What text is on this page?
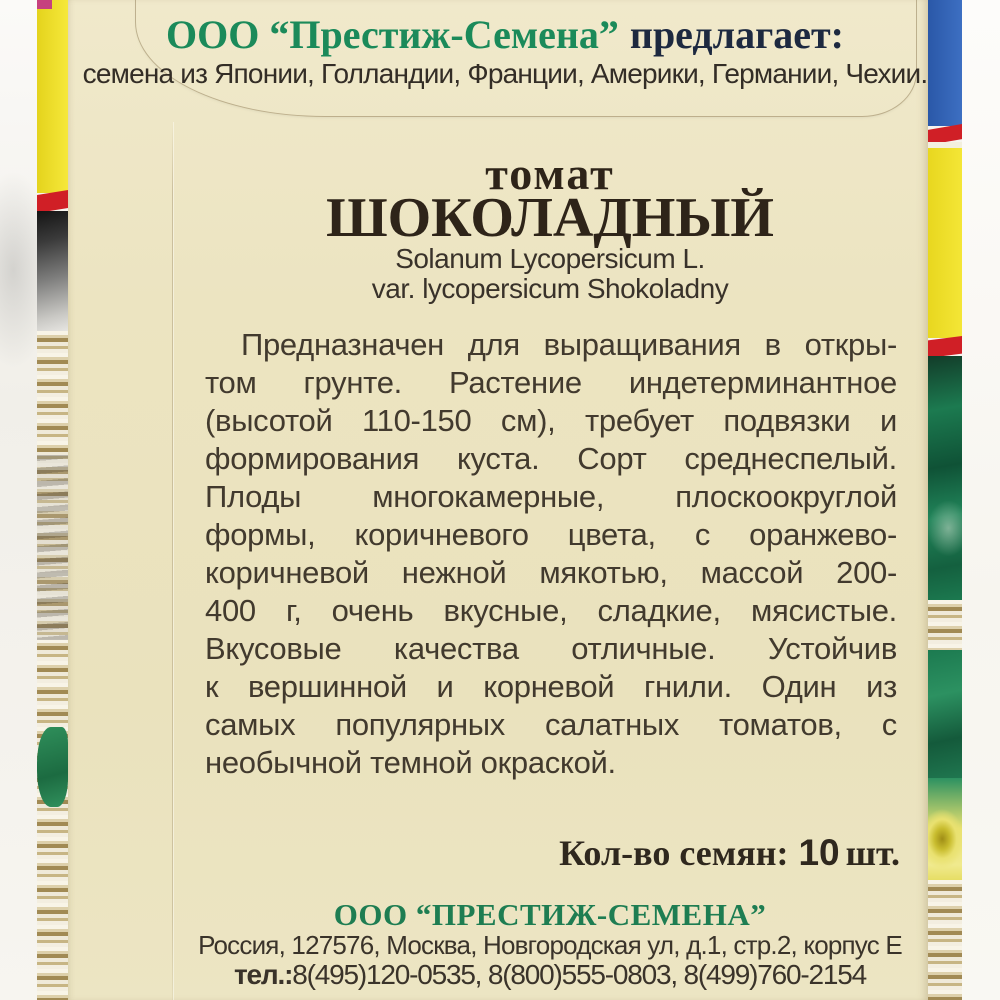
ООО “Престиж-Семена” предлагает:
семена из Японии, Голландии, Франции, Америки, Германии, Чехии.
томат
ШОКОЛАДНЫЙ
Solanum Lycopersicum L.
var. lycopersicum Shokoladny
Предназначен для выращивания в откры-
том грунте. Растение индетерминантное
(высотой 110-150 см), требует подвязки и
формирования куста. Сорт среднеспелый.
Плоды многокамерные, плоскоокруглой
формы, коричневого цвета, с оранжево-
коричневой нежной мякотью, массой 200-
400 г, очень вкусные, сладкие, мясистые.
Вкусовые качества отличные. Устойчив
к вершинной и корневой гнили. Один из
самых популярных салатных томатов, с
необычной темной окраской.
Кол-во семян: 10 шт.
ООО “ПРЕСТИЖ-СЕМЕНА”
Россия, 127576, Москва, Новгородская ул, д.1, стр.2, корпус Е
тел.:8(495)120-0535, 8(800)555-0803, 8(499)760-2154
